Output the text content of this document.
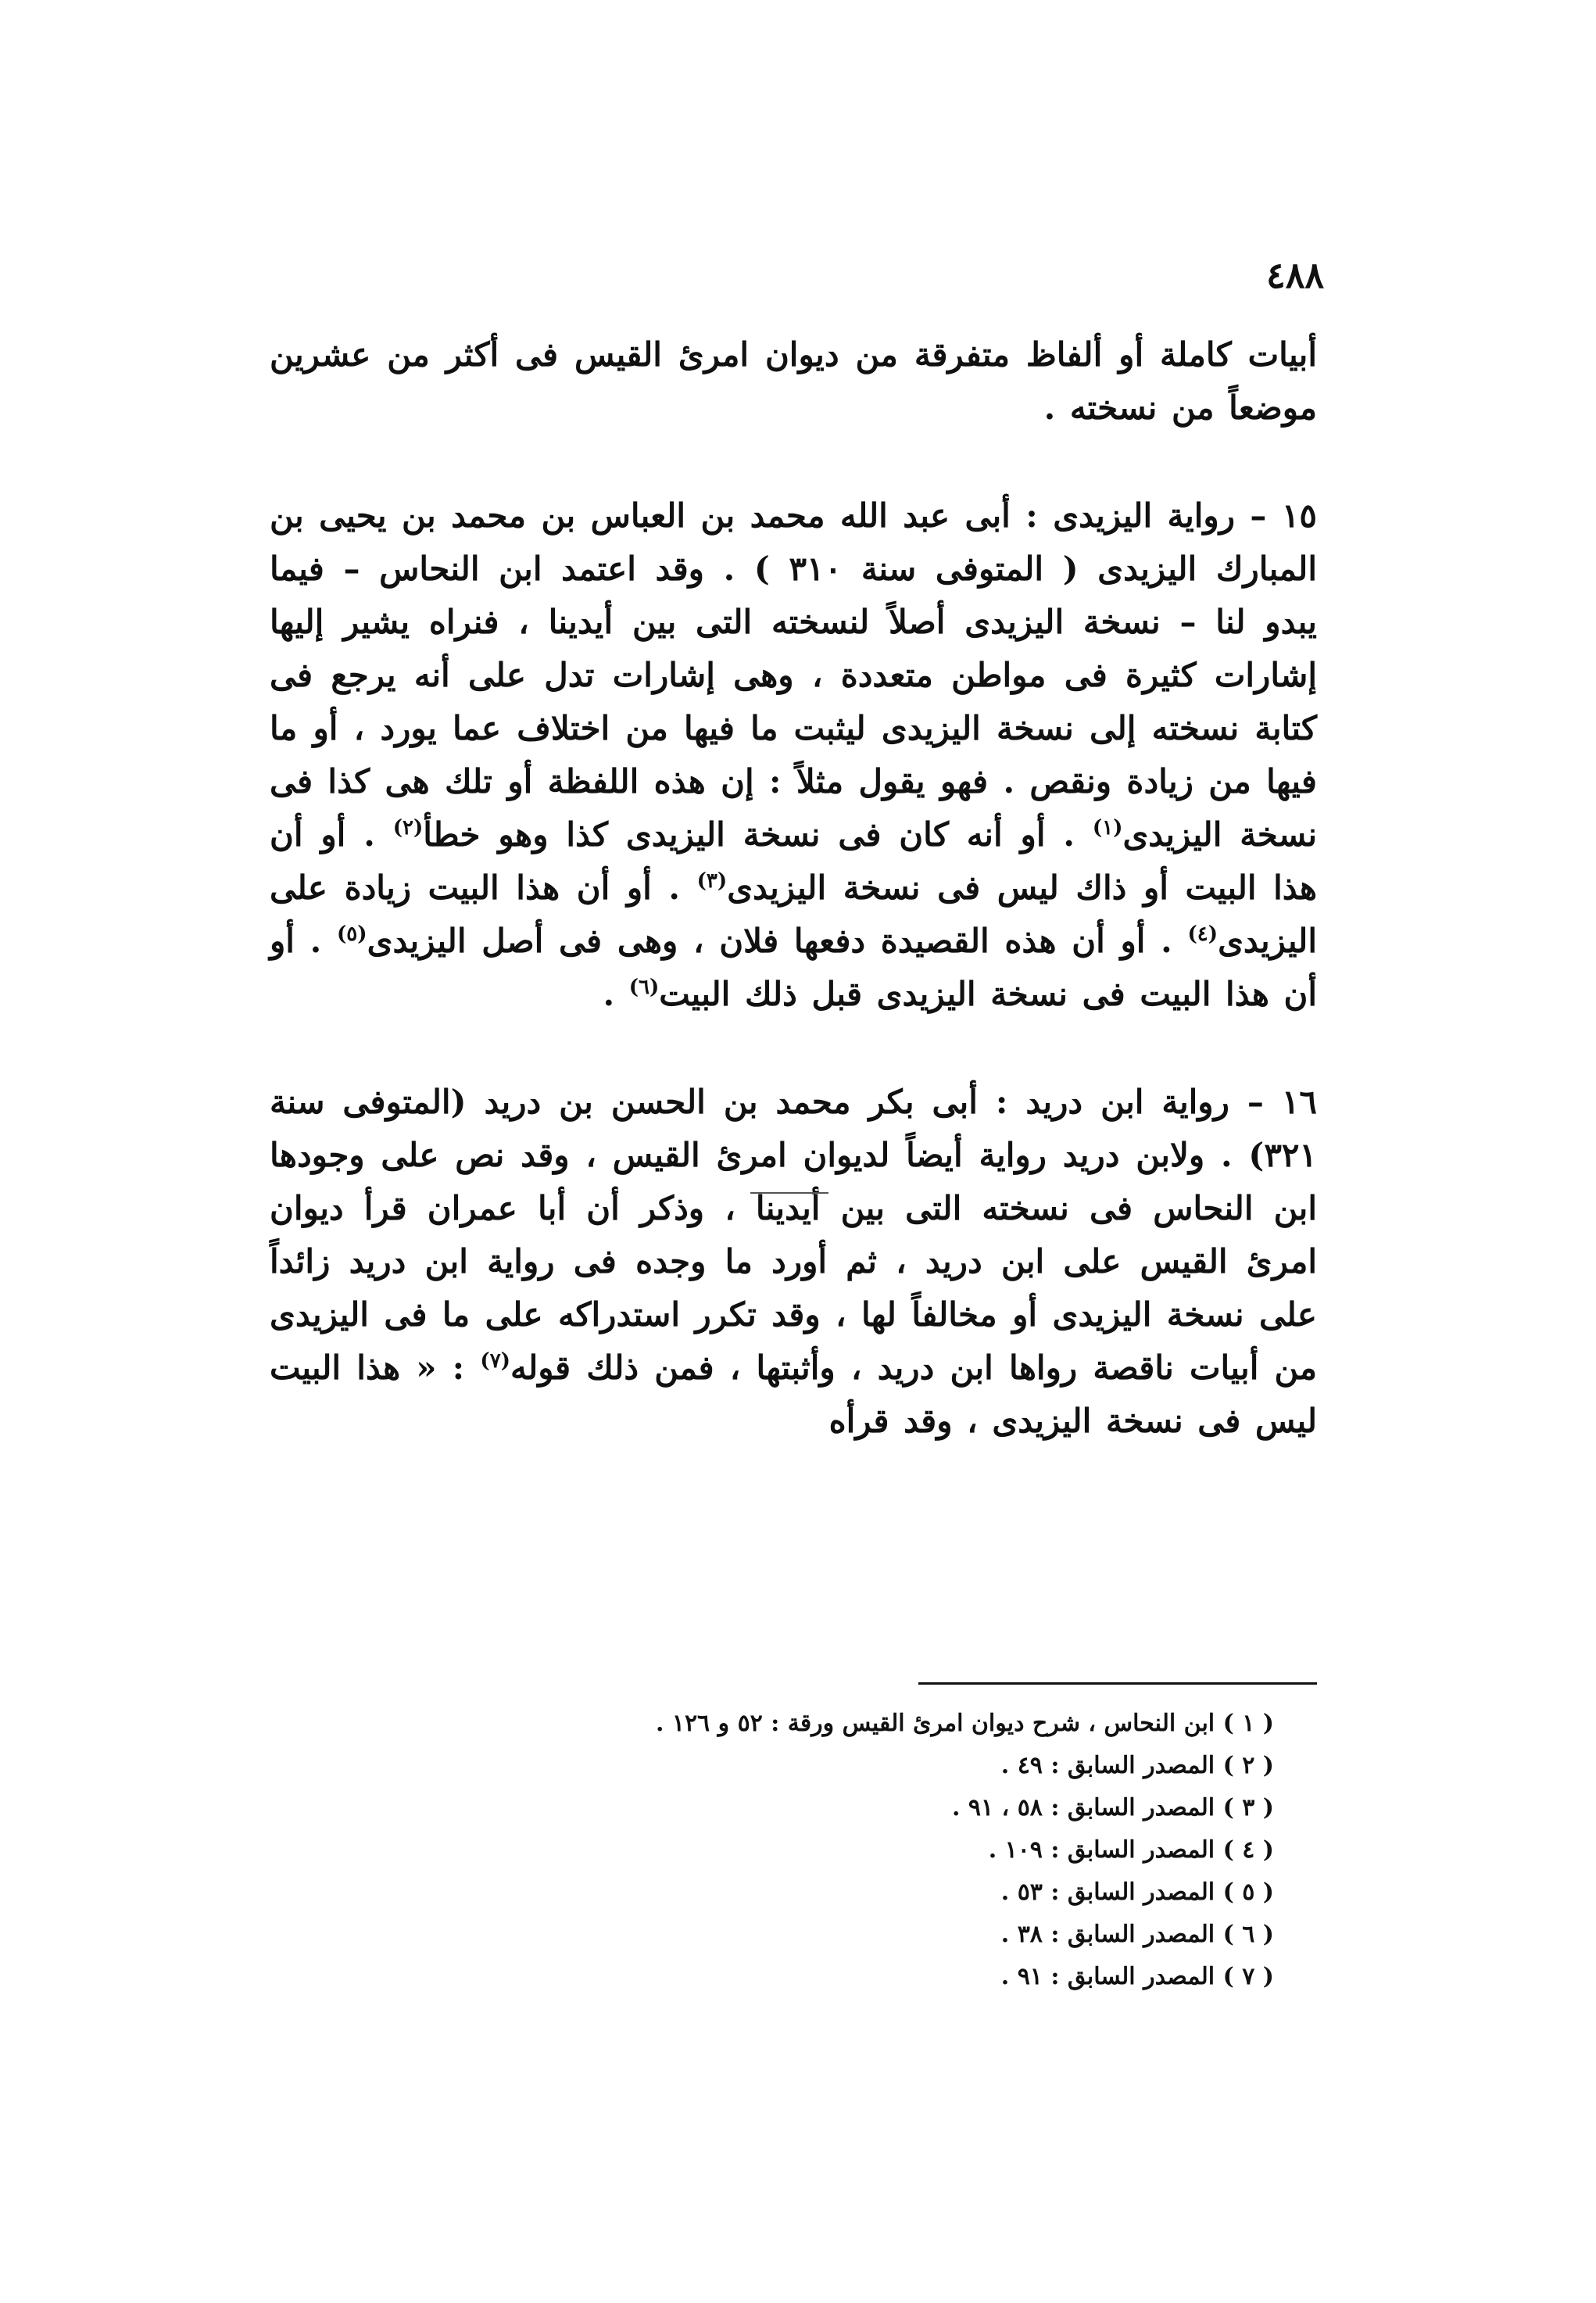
٤٨٨

أبيات كاملة أو ألفاظ متفرقة من ديوان امرئ القيس فى أكثر من عشرين موضعاً من نسخته .

١٥ – رواية اليزيدى : أبى عبد الله محمد بن العباس بن محمد بن يحيى بن المبارك اليزيدى ( المتوفى سنة ٣١٠ ) . وقد اعتمد ابن النحاس – فيما يبدو لنا – نسخة اليزيدى أصلاً لنسخته التى بين أيدينا ، فنراه يشير إليها إشارات كثيرة فى مواطن متعددة ، وهى إشارات تدل على أنه يرجع فى كتابة نسخته إلى نسخة اليزيدى ليثبت ما فيها من اختلاف عما يورد ، أو ما فيها من زيادة ونقص . فهو يقول مثلاً : إن هذه اللفظة أو تلك هى كذا فى نسخة اليزيدى$^{(١)}$ . أو أنه كان فى نسخة اليزيدى كذا وهو خطأ$^{(٢)}$ . أو أن هذا البيت أو ذاك ليس فى نسخة اليزيدى$^{(٣)}$ . أو أن هذا البيت زيادة على اليزيدى$^{(٤)}$ . أو أن هذه القصيدة دفعها فلان ، وهى فى أصل اليزيدى$^{(٥)}$ . أو أن هذا البيت فى نسخة اليزيدى قبل ذلك البيت$^{(٦)}$ .

١٦ – رواية ابن دريد : أبى بكر محمد بن الحسن بن دريد (المتوفى سنة ٣٢١) . ولابن دريد رواية أيضاً لديوان امرئ القيس ، وقد نص على وجودها ابن النحاس فى نسخته التى بين أيدينا ، وذكر أن أبا عمران قرأ ديوان امرئ القيس على ابن دريد ، ثم أورد ما وجده فى رواية ابن دريد زائداً على نسخة اليزيدى أو مخالفاً لها ، وقد تكرر استدراكه على ما فى اليزيدى من أبيات ناقصة رواها ابن دريد ، وأثبتها ، فمن ذلك قوله$^{(٧)}$ : « هذا البيت ليس فى نسخة اليزيدى ، وقد قرأه

( ١ ) ابن النحاس ، شرح ديوان امرئ القيس ورقة : ٥٢ و ١٢٦ .
( ٢ ) المصدر السابق : ٤٩ .
( ٣ ) المصدر السابق : ٥٨ ، ٩١ .
( ٤ ) المصدر السابق : ١٠٩ .
( ٥ ) المصدر السابق : ٥٣ .
( ٦ ) المصدر السابق : ٣٨ .
( ٧ ) المصدر السابق : ٩١ .
